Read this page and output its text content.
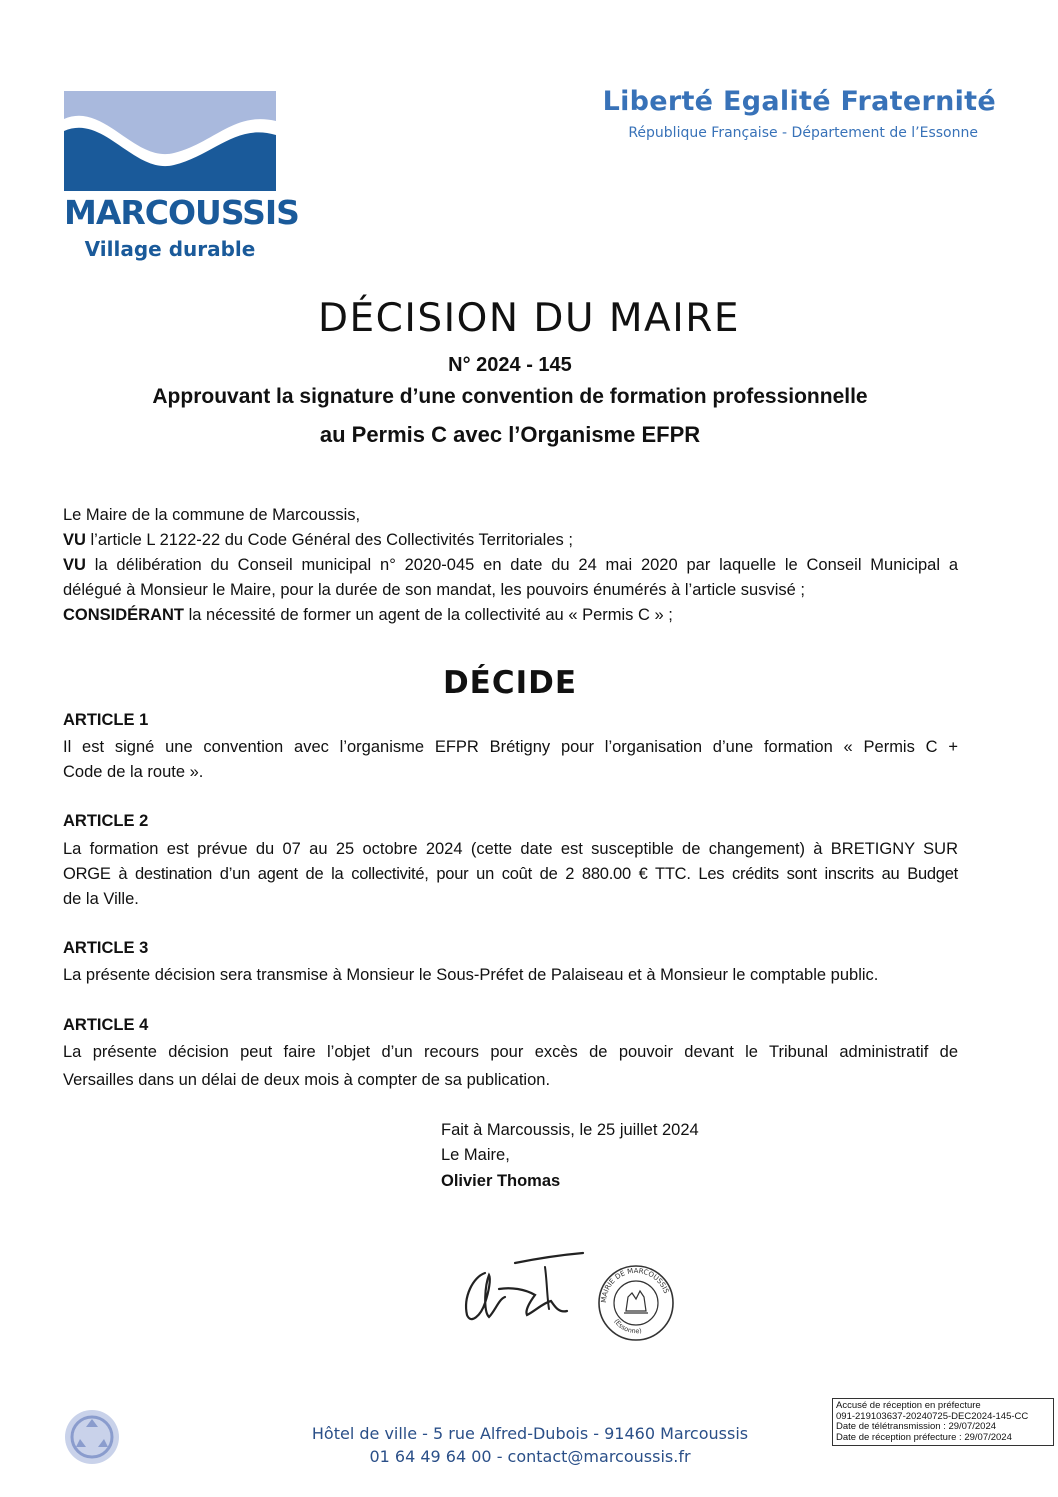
MARCOUSSIS
Village durable
Liberté Egalité Fraternité
République Française - Département de l’Essonne
DÉCISION DU MAIRE
N° 2024 - 145
Approuvant la signature d’une convention de formation professionnelle
au Permis C avec l’Organisme EFPR
Le Maire de la commune de Marcoussis,
VU l’article L 2122-22 du Code Général des Collectivités Territoriales ;
VU la délibération du Conseil municipal n° 2020-045 en date du 24 mai 2020 par laquelle le Conseil Municipal a
délégué à Monsieur le Maire, pour la durée de son mandat, les pouvoirs énumérés à l’article susvisé ;
CONSIDÉRANT la nécessité de former un agent de la collectivité au « Permis C » ;
DÉCIDE
ARTICLE 1
Il est signé une convention avec l’organisme EFPR Brétigny pour l’organisation d’une formation « Permis C +
Code de la route ».
ARTICLE 2
La formation est prévue du 07 au 25 octobre 2024 (cette date est susceptible de changement) à BRETIGNY SUR
ORGE à destination d’un agent de la collectivité, pour un coût de 2 880.00 € TTC. Les crédits sont inscrits au Budget
de la Ville.
ARTICLE 3
La présente décision sera transmise à Monsieur le Sous-Préfet de Palaiseau et à Monsieur le comptable public.
ARTICLE 4
La présente décision peut faire l’objet d’un recours pour excès de pouvoir devant le Tribunal administratif de
Versailles dans un délai de deux mois à compter de sa publication.
Fait à Marcoussis, le 25 juillet 2024
Le Maire,
Olivier Thomas
MAIRIE DE MARCOUSSIS
(Essonne)
Hôtel de ville - 5 rue Alfred-Dubois - 91460 Marcoussis
01 64 49 64 00 - contact@marcoussis.fr
Accusé de réception en préfecture
091-219103637-20240725-DEC2024-145-CC
Date de télétransmission : 29/07/2024
Date de réception préfecture : 29/07/2024
